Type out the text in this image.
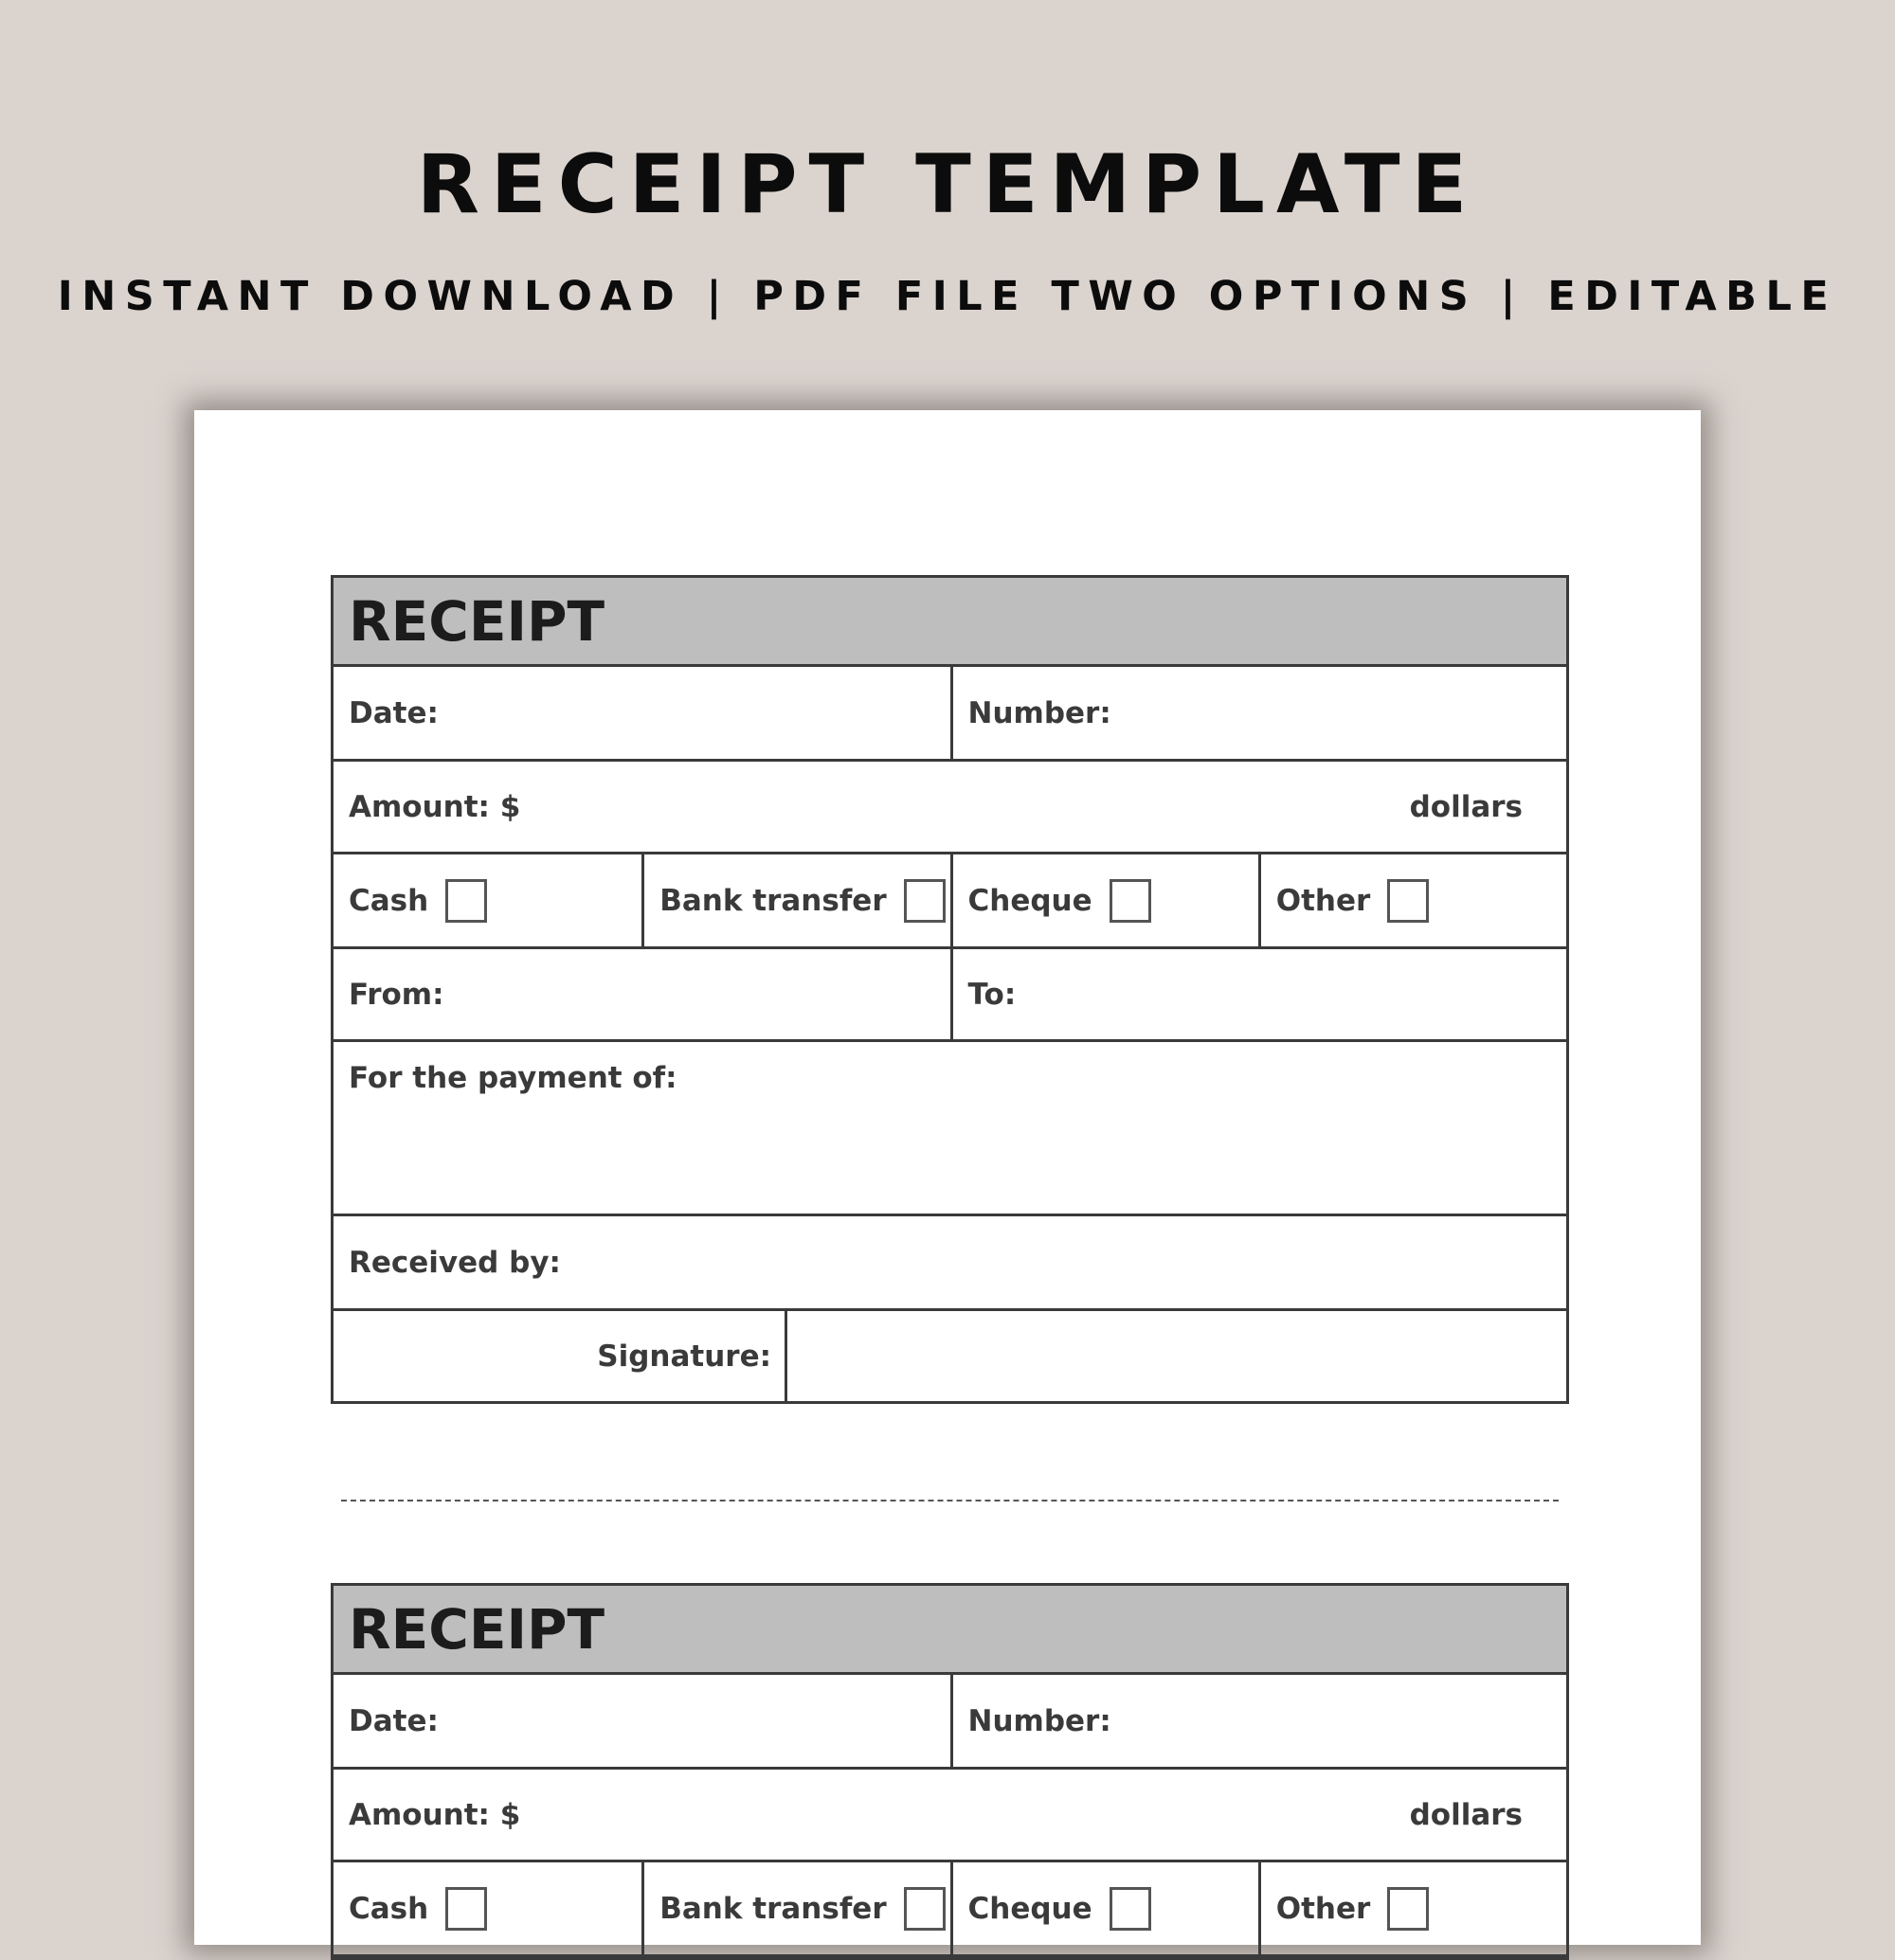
RECEIPT TEMPLATE
INSTANT DOWNLOAD | PDF FILE TWO OPTIONS | EDITABLE
RECEIPT
Date:	Number:
Amount: $	dollars
Cash	Bank transfer	Cheque	Other
From:	To:
For the payment of:
Received by:
Signature:
RECEIPT
Date:	Number:
Amount: $	dollars
Cash	Bank transfer	Cheque	Other
